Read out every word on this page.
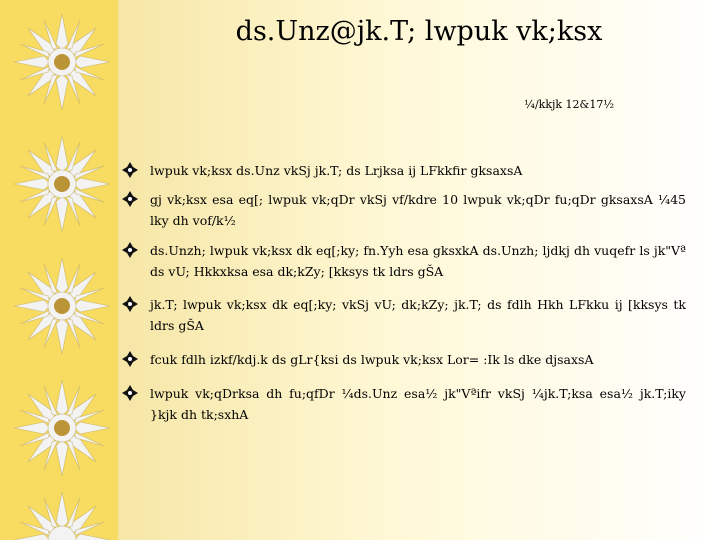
ds.Unz@jk.T; lwpuk vk;ksx
¼/kkjk 12&17½
lwpuk vk;ksx ds.Unz vkSj jk.T; ds Lrjksa ij LFkkfir gksaxsA
gj vk;ksx esa eq[; lwpuk vk;qDr vkSj vf/kdre 10 lwpuk vk;qDr fu;qDr gksaxsA ¼45 lky dh vof/k½
ds.Unzh; lwpuk vk;ksx dk eq[;ky; fn.Yyh esa gksxkA ds.Unzh; ljdkj dh vuqefr ls jk"Vª ds vU; Hkkxksa esa dk;kZy; [kksys tk ldrs gŠA
jk.T; lwpuk vk;ksx dk eq[;ky; vkSj vU; dk;kZy; jk.T; ds fdlh Hkh LFkku ij [kksys tk ldrs gŠA
fcuk fdlh izkf/kdj.k ds gLr{ksi ds lwpuk vk;ksx Lor= :Ik ls dke djsaxsA
lwpuk vk;qDrksa dh fu;qfDr ¼ds.Unz esa½ jk"Vªifr vkSj ¼jk.T;ksa esa½ jk.T;iky }kjk dh tk;sxhA
